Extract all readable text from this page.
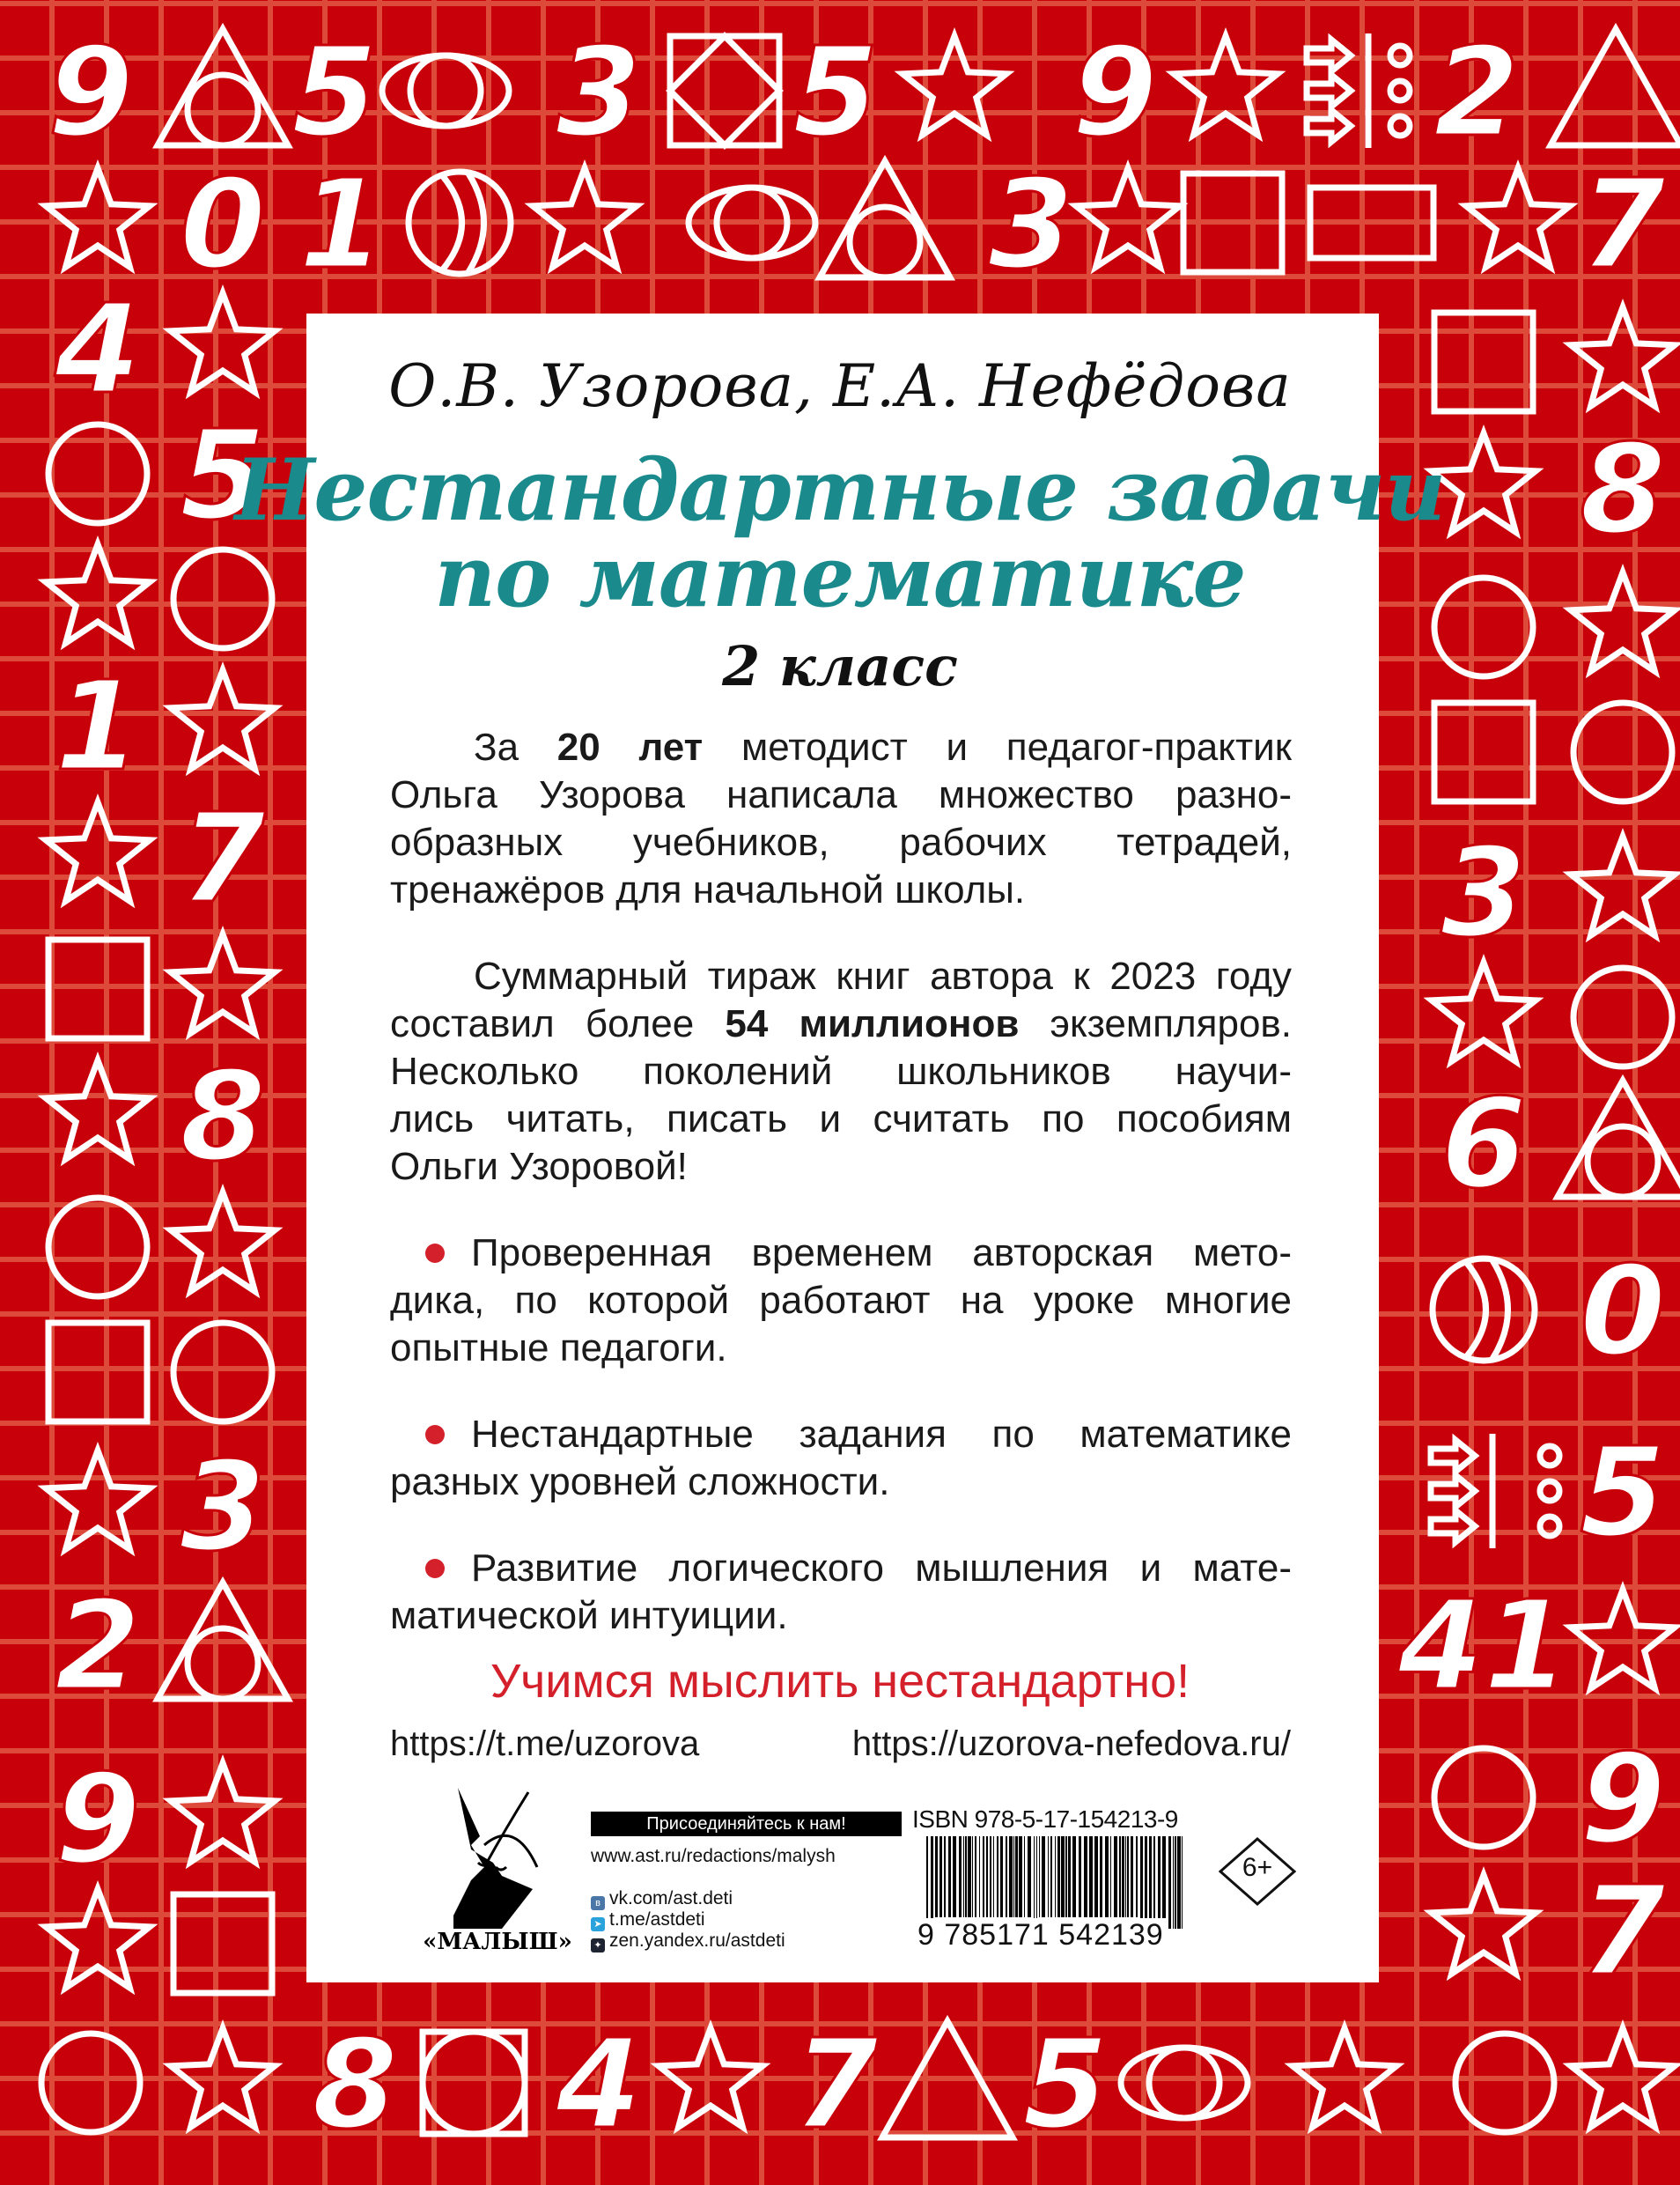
9 5 3 5 9 2
0 1	3	7
4
5
1
7
8
3
2
9
8
3
6
0
5
41
9
7
8 4 7 5
О.В. Узорова, Е.А. Нефёдова
Нестандартные задачи
по математике
2 класс
За 20 лет методист и педагог-практик
Ольга Узорова написала множество разно-
образных учебников, рабочих тетрадей,
тренажёров для начальной школы.
Суммарный тираж книг автора к 2023 году
составил более 54 миллионов экземпляров.
Несколько поколений школьников научи-
лись читать, писать и считать по пособиям
Ольги Узоровой!
Проверенная временем авторская мето-
дика, по которой работают на уроке многие
опытные педагоги.
Нестандартные задания по математике
разных уровней сложности.
Развитие логического мышления и мате-
матической интуиции.
Учимся мыслить нестандартно!
https://t.me/uzorova	https://uzorova-nefedova.ru/
«МАЛЫШ»
Присоединяйтесь к нам!
www.ast.ru/redactions/malysh
в vk.com/ast.deti
➤ t.me/astdeti
✦ zen.yandex.ru/astdeti
ISBN 978-5-17-154213-9
9 785171 542139
6+
